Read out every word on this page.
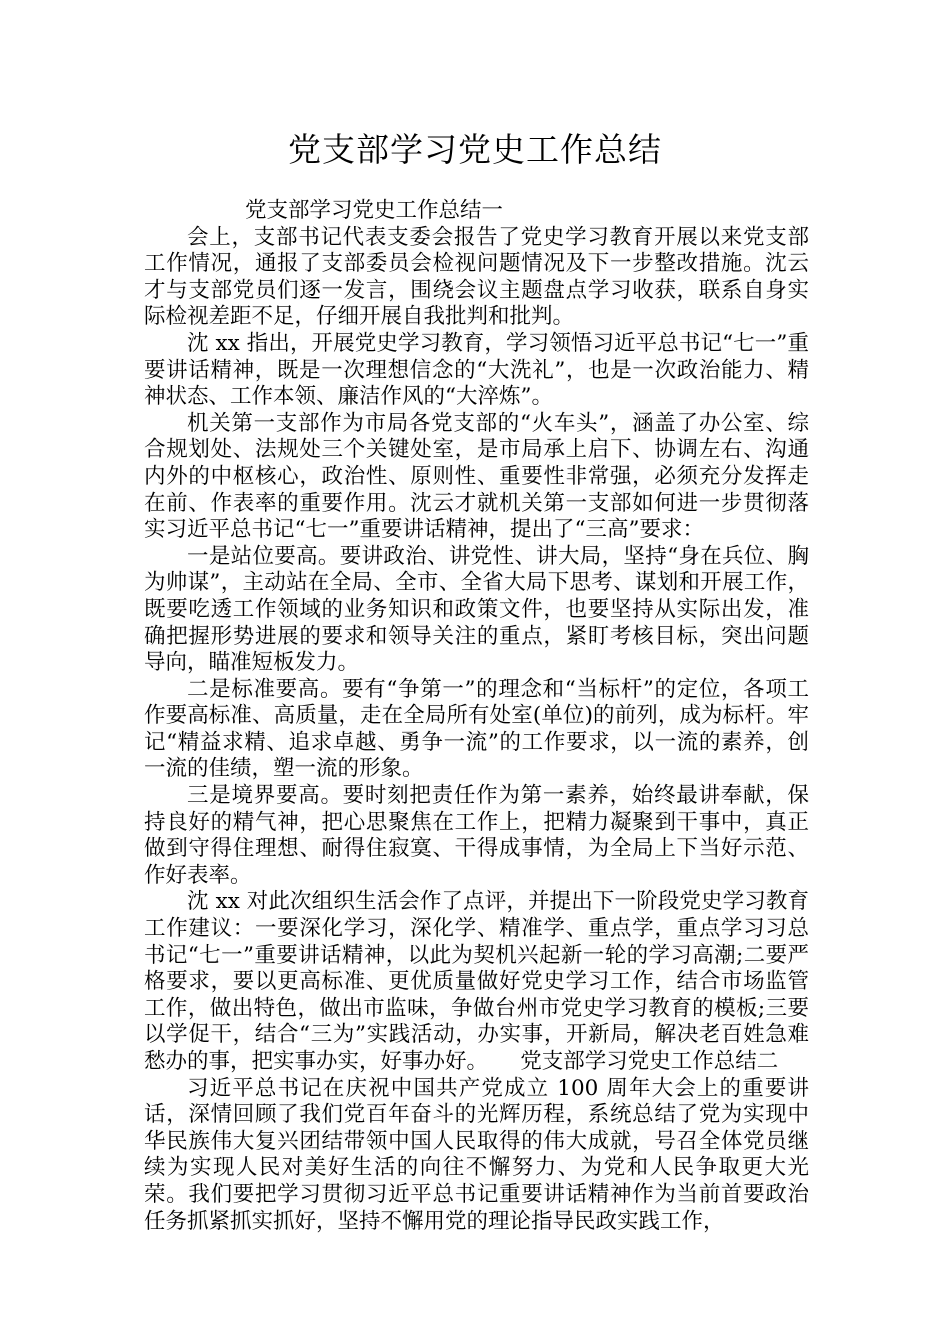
党支部学习党史工作总结

党支部学习党史工作总结一

会上，支部书记代表支委会报告了党史学习教育开展以来党支部工作情况，通报了支部委员会检视问题情况及下一步整改措施。沈云才与支部党员们逐一发言，围绕会议主题盘点学习收获，联系自身实际检视差距不足，仔细开展自我批判和批判。

沈 xx 指出，开展党史学习教育，学习领悟习近平总书记“七一”重要讲话精神，既是一次理想信念的“大洗礼”，也是一次政治能力、精神状态、工作本领、廉洁作风的“大淬炼”。

机关第一支部作为市局各党支部的“火车头”，涵盖了办公室、综合规划处、法规处三个关键处室，是市局承上启下、协调左右、沟通内外的中枢核心，政治性、原则性、重要性非常强，必须充分发挥走在前、作表率的重要作用。沈云才就机关第一支部如何进一步贯彻落实习近平总书记“七一”重要讲话精神，提出了“三高”要求：

一是站位要高。要讲政治、讲党性、讲大局，坚持“身在兵位、胸为帅谋”，主动站在全局、全市、全省大局下思考、谋划和开展工作，既要吃透工作领域的业务知识和政策文件，也要坚持从实际出发，准确把握形势进展的要求和领导关注的重点，紧盯考核目标，突出问题导向，瞄准短板发力。

二是标准要高。要有“争第一”的理念和“当标杆”的定位，各项工作要高标准、高质量，走在全局所有处室(单位)的前列，成为标杆。牢记“精益求精、追求卓越、勇争一流”的工作要求，以一流的素养，创一流的佳绩，塑一流的形象。

三是境界要高。要时刻把责任作为第一素养，始终最讲奉献，保持良好的精气神，把心思聚焦在工作上，把精力凝聚到干事中，真正做到守得住理想、耐得住寂寞、干得成事情，为全局上下当好示范、作好表率。

沈 xx 对此次组织生活会作了点评，并提出下一阶段党史学习教育工作建议：一要深化学习，深化学、精准学、重点学，重点学习习总书记“七一”重要讲话精神，以此为契机兴起新一轮的学习高潮;二要严格要求，要以更高标准、更优质量做好党史学习工作，结合市场监管工作，做出特色，做出市监味，争做台州市党史学习教育的模板;三要以学促干，结合“三为”实践活动，办实事，开新局，解决老百姓急难愁办的事，把实事办实，好事办好。　　党支部学习党史工作总结二

习近平总书记在庆祝中国共产党成立 100 周年大会上的重要讲话，深情回顾了我们党百年奋斗的光辉历程，系统总结了党为实现中华民族伟大复兴团结带领中国人民取得的伟大成就，号召全体党员继续为实现人民对美好生活的向往不懈努力、为党和人民争取更大光荣。我们要把学习贯彻习近平总书记重要讲话精神作为当前首要政治任务抓紧抓实抓好，坚持不懈用党的理论指导民政实践工作，
